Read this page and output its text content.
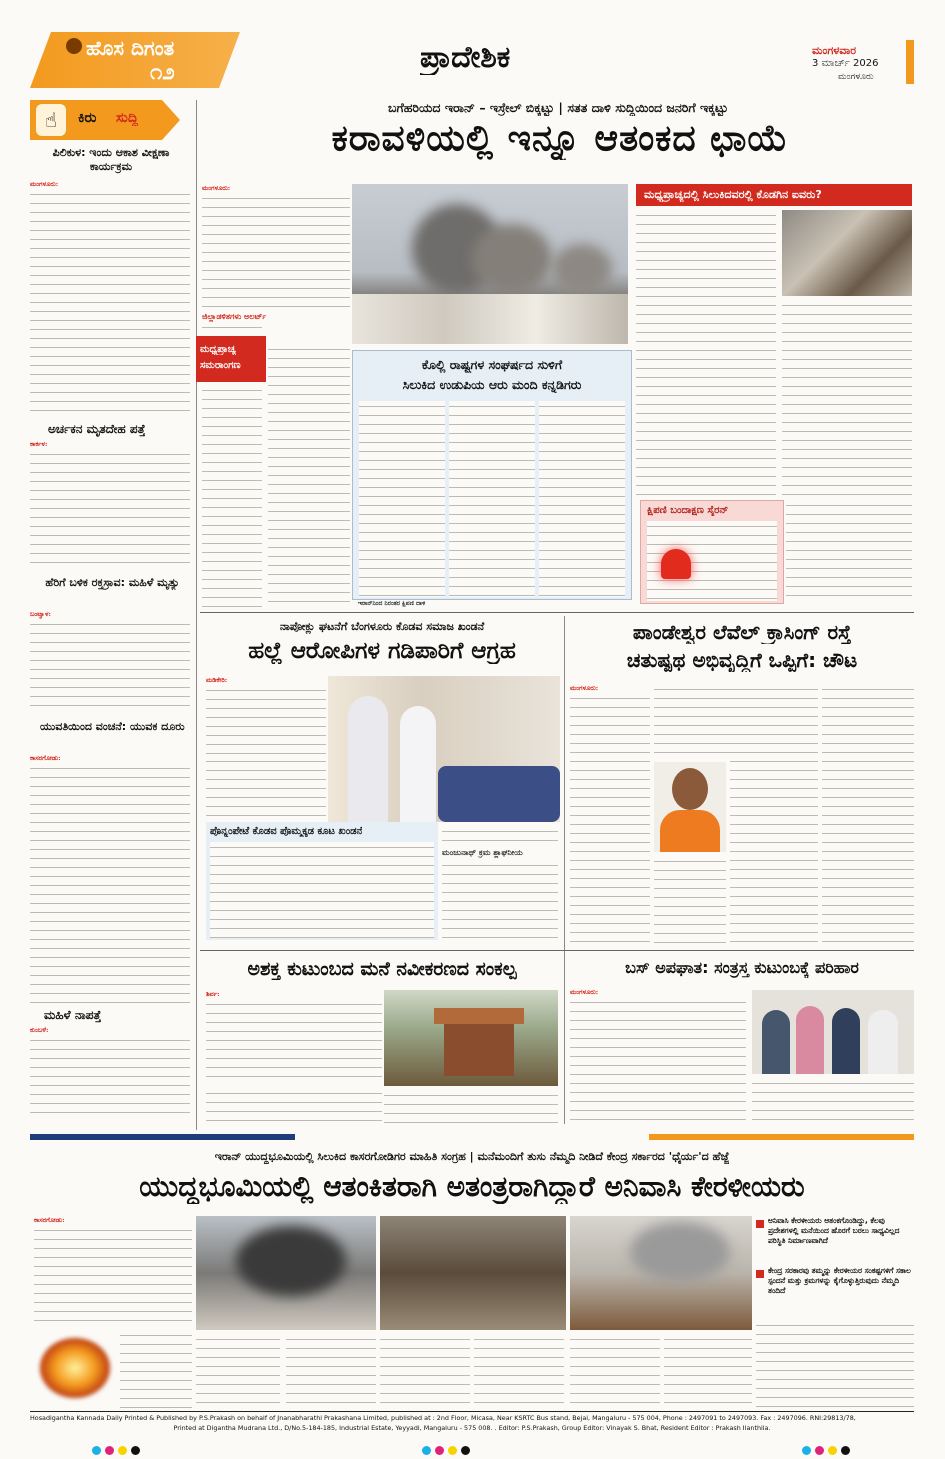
ಹೊಸ ದಿಗಂತ
೧೨	ಪ್ರಾದೇಶಿಕ	ಮಂಗಳವಾರ
3 ಮಾರ್ಚ್ 2026
ಮಂಗಳೂರು
☝	ಕಿರು ಸುದ್ದಿ
ಪಿಲಿಕುಳ: ಇಂದು ಆಕಾಶ ವೀಕ್ಷಣಾ ಕಾರ್ಯಕ್ರಮ
ಮಂಗಳೂರು:
ಅರ್ಚಕನ ಮೃತದೇಹ ಪತ್ತೆ
ಕಾರ್ಕಳ:
ಹೆರಿಗೆ ಬಳಿಕ ರಕ್ತಸ್ರಾವ: ಮಹಿಳೆ ಮೃತ್ಯು
ಬಂಟ್ವಾಳ:
ಯುವತಿಯಿಂದ ವಂಚನೆ: ಯುವಕ ದೂರು
ಕಾಸರಗೋಡು:
ಮಹಿಳೆ ನಾಪತ್ತೆ
ಕುಂಬಳೆ:
ಬಗೆಹರಿಯದ ಇರಾನ್ – ಇಸ್ರೇಲ್ ಬಿಕ್ಕಟ್ಟು | ಸತತ ದಾಳಿ ಸುದ್ದಿಯಿಂದ ಜನರಿಗೆ ಇಕ್ಕಟ್ಟು
ಕರಾವಳಿಯಲ್ಲಿ ಇನ್ನೂ ಆತಂಕದ ಛಾಯೆ
ಮಂಗಳೂರು:
ಜಿಲ್ಲಾಡಳಿತಗಳು ಅಲರ್ಟ್
ಮಧ್ಯಪ್ರಾಚ್ಯ
ಸಮರಾಂಗಣ	ಕೊಲ್ಲಿ ರಾಷ್ಟ್ರಗಳ ಸಂಘರ್ಷದ ಸುಳಿಗೆ
ಸಿಲುಕಿದ ಉಡುಪಿಯ ಆರು ಮಂದಿ ಕನ್ನಡಿಗರು
ಇರಾನ್‌ನಿಂದ ನಿರಂತರ ಕ್ಷಿಪಣಿ ದಾಳಿ
ಮಧ್ಯಪ್ರಾಚ್ಯದಲ್ಲಿ ಸಿಲುಕಿದವರಲ್ಲಿ ಕೊಡಗಿನ ಐವರು?
ಕ್ಷಿಪಣಿ ಬಂದಾಕ್ಷಣ ಸೈರನ್
ನಾಪೋಕ್ಲು ಘಟನೆಗೆ ಬೆಂಗಳೂರು ಕೊಡವ ಸಮಾಜ ಖಂಡನೆ
ಹಲ್ಲೆ ಆರೋಪಿಗಳ ಗಡಿಪಾರಿಗೆ ಆಗ್ರಹ
ಮಡಿಕೇರಿ:
ಪೊನ್ನಂಪೇಟೆ ಕೊಡವ ಪೊಮ್ಮಕ್ಕಡ ಕೂಟ ಖಂಡನೆ
ಮಂಜುನಾಥ್ ಕ್ರಮ ಶ್ಲಾಘನೀಯ
ಪಾಂಡೇಶ್ವರ ಲೆವೆಲ್ ಕ್ರಾಸಿಂಗ್ ರಸ್ತೆ
ಚತುಷ್ಪಥ ಅಭಿವೃದ್ಧಿಗೆ ಒಪ್ಪಿಗೆ: ಚೌಟ
ಮಂಗಳೂರು:
ಅಶಕ್ತ ಕುಟುಂಬದ ಮನೆ ನವೀಕರಣದ ಸಂಕಲ್ಪ
ಶಿರ್ವ:
ಬಸ್ ಅಪಘಾತ: ಸಂತ್ರಸ್ತ ಕುಟುಂಬಕ್ಕೆ ಪರಿಹಾರ
ಮಂಗಳೂರು:
ಇರಾನ್ ಯುದ್ಧಭೂಮಿಯಲ್ಲಿ ಸಿಲುಕಿದ ಕಾಸರಗೋಡಿಗರ ಮಾಹಿತಿ ಸಂಗ್ರಹ | ಮನೆಮಂದಿಗೆ ತುಸು ನೆಮ್ಮದಿ ನೀಡಿದೆ ಕೇಂದ್ರ ಸರ್ಕಾರದ 'ಧೈರ್ಯ'ದ ಹೆಜ್ಜೆ
ಯುದ್ಧಭೂಮಿಯಲ್ಲಿ ಆತಂಕಿತರಾಗಿ ಅತಂತ್ರರಾಗಿದ್ದಾರೆ ಅನಿವಾಸಿ ಕೇರಳೀಯರು
ಕಾಸರಗೋಡು:	ಅನಿವಾಸಿ ಕೇರಳೀಯರು ಆತಂಕಗೊಂಡಿದ್ದು, ಕೆಲವು ಪ್ರದೇಶಗಳಲ್ಲಿ ಮನೆಯಿಂದ ಹೊರಗೆ ಬರಲು ಸಾಧ್ಯವಿಲ್ಲದ ಪರಿಸ್ಥಿತಿ ನಿರ್ಮಾಣವಾಗಿದೆ
ಕೇಂದ್ರ ಸರಕಾರವು ತಮ್ಮನ್ನು ಕೇರಳೀಯರ ಸಂಕಷ್ಟಗಳಿಗೆ ಸಕಾಲ ಸ್ಪಂದನೆ ಮತ್ತು ಕ್ರಮಗಳನ್ನು ಕೈಗೊಳ್ಳುತ್ತಿರುವುದು ನೆಮ್ಮದಿ ತಂದಿದೆ
Hosadigantha Kannada Daily Printed & Published by P.S.Prakash on behalf of Jnanabharathi Prakashana Limited, published at : 2nd Floor, Micasa, Near KSRTC Bus stand, Bejai, Mangaluru - 575 004, Phone : 2497091 to 2497093. Fax : 2497096. RNI:29813/78,
Printed at Digantha Mudrana Ltd., D/No.5-184-185, Industrial Estate, Yeyyadi, Mangaluru - 575 008. . Editor: P.S.Prakash, Group Editor: Vinayak S. Bhat, Resident Editor : Prakash Ilanthila.
